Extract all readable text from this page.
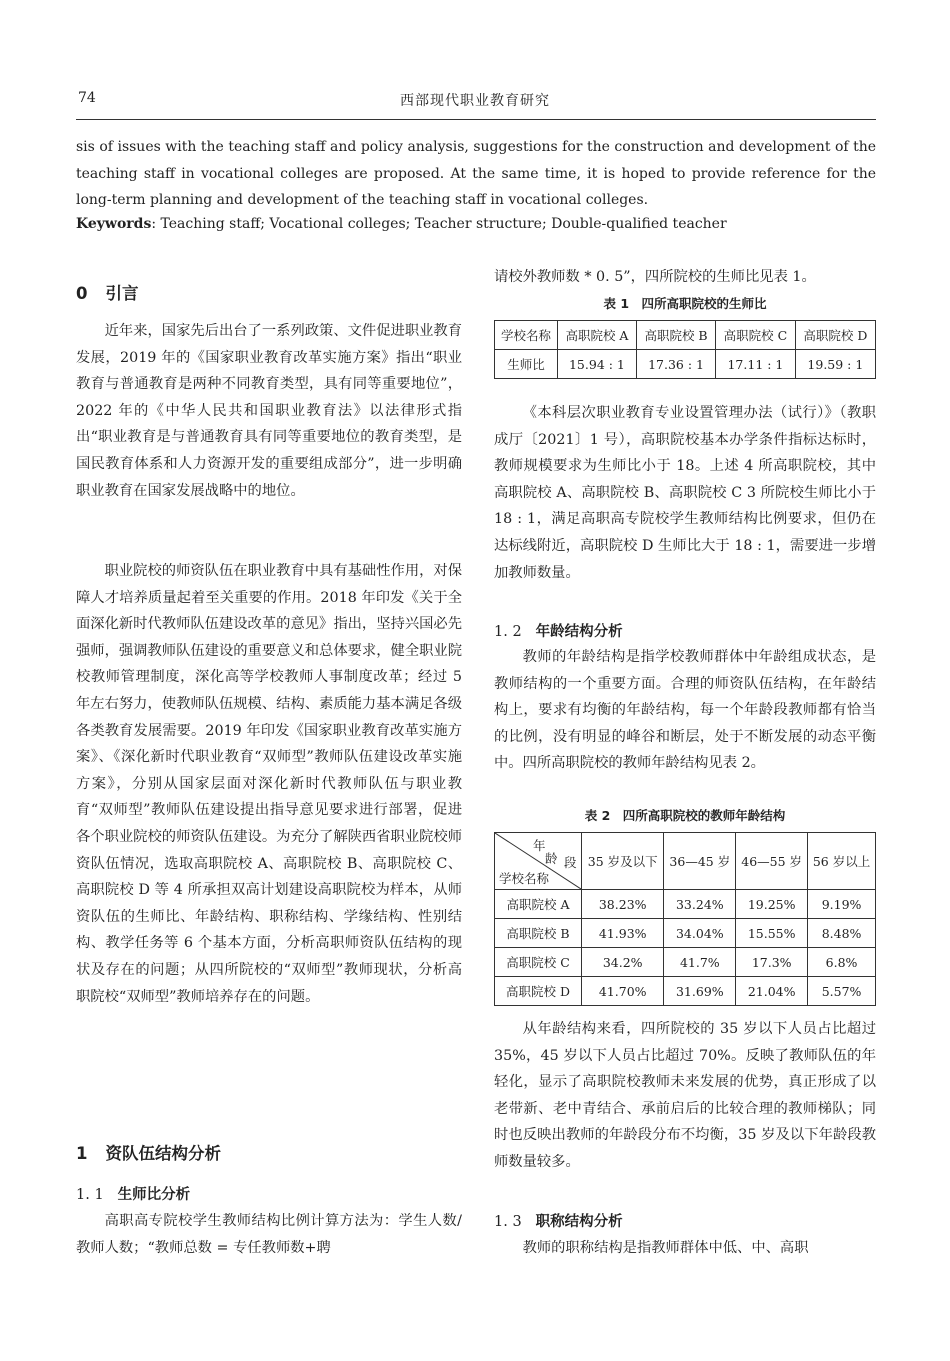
74	西部现代职业教育研究
sis of issues with the teaching staff and policy analysis, suggestions for the construction and development of the teaching staff in vocational colleges are proposed. At the same time, it is hoped to provide reference for the long-term planning and development of the teaching staff in vocational colleges.
Keywords: Teaching staff; Vocational colleges; Teacher structure; Double-qualified teacher
0 引言

近年来，国家先后出台了一系列政策、文件促进职业教育发展，2019 年的《国家职业教育改革实施方案》指出“职业教育与普通教育是两种不同教育类型，具有同等重要地位”，2022 年的《中华人民共和国职业教育法》以法律形式指出“职业教育是与普通教育具有同等重要地位的教育类型，是国民教育体系和人力资源开发的重要组成部分”，进一步明确职业教育在国家发展战略中的地位。

职业院校的师资队伍在职业教育中具有基础性作用，对保障人才培养质量起着至关重要的作用。2018 年印发《关于全面深化新时代教师队伍建设改革的意见》指出，坚持兴国必先强师，强调教师队伍建设的重要意义和总体要求，健全职业院校教师管理制度，深化高等学校教师人事制度改革；经过 5 年左右努力，使教师队伍规模、结构、素质能力基本满足各级各类教育发展需要。2019 年印发《国家职业教育改革实施方案》、《深化新时代职业教育“双师型”教师队伍建设改革实施方案》，分别从国家层面对深化新时代教师队伍与职业教育“双师型”教师队伍建设提出指导意见要求进行部署，促进各个职业院校的师资队伍建设。为充分了解陕西省职业院校师资队伍情况，选取高职院校 A、高职院校 B、高职院校 C、高职院校 D 等 4 所承担双高计划建设高职院校为样本，从师资队伍的生师比、年龄结构、职称结构、学缘结构、性别结构、教学任务等 6 个基本方面，分析高职师资队伍结构的现状及存在的问题；从四所院校的“双师型”教师现状，分析高职院校“双师型”教师培养存在的问题。

1 资队伍结构分析
1. 1 生师比分析

高职高专院校学生教师结构比例计算方法为：学生人数/教师人数；“教师总数 = 专任教师数+聘

请校外教师数 * 0. 5”，四所院校的生师比见表 1。

表 1　四所高职院校的生师比
学校名称	高职院校 A	高职院校 B	高职院校 C	高职院校 D
生师比	15.94 : 1	17.36 : 1	17.11 : 1	19.59 : 1

《本科层次职业教育专业设置管理办法（试行）》（教职成厅〔2021〕1 号），高职院校基本办学条件指标达标时，教师规模要求为生师比小于 18。上述 4 所高职院校，其中高职院校 A、高职院校 B、高职院校 C 3 所院校生师比小于 18 : 1，满足高职高专院校学生教师结构比例要求，但仍在达标线附近，高职院校 D 生师比大于 18 : 1，需要进一步增加教师数量。

1. 2 年龄结构分析

教师的年龄结构是指学校教师群体中年龄组成状态，是教师结构的一个重要方面。合理的师资队伍结构，在年龄结构上，要求有均衡的年龄结构，每一个年龄段教师都有恰当的比例，没有明显的峰谷和断层，处于不断发展的动态平衡中。四所高职院校的教师年龄结构见表 2。

表 2　四所高职院校的教师年龄结构
年
龄 段
学校名称	35 岁及以下	36—45 岁	46—55 岁	56 岁以上
高职院校 A	38.23%	33.24%	19.25%	9.19%
高职院校 B	41.93%	34.04%	15.55%	8.48%
高职院校 C	34.2%	41.7%	17.3%	6.8%
高职院校 D	41.70%	31.69%	21.04%	5.57%

从年龄结构来看，四所院校的 35 岁以下人员占比超过 35%，45 岁以下人员占比超过 70%。反映了教师队伍的年轻化，显示了高职院校教师未来发展的优势，真正形成了以老带新、老中青结合、承前启后的比较合理的教师梯队；同时也反映出教师的年龄段分布不均衡，35 岁及以下年龄段教师数量较多。

1. 3 职称结构分析

教师的职称结构是指教师群体中低、中、高职
